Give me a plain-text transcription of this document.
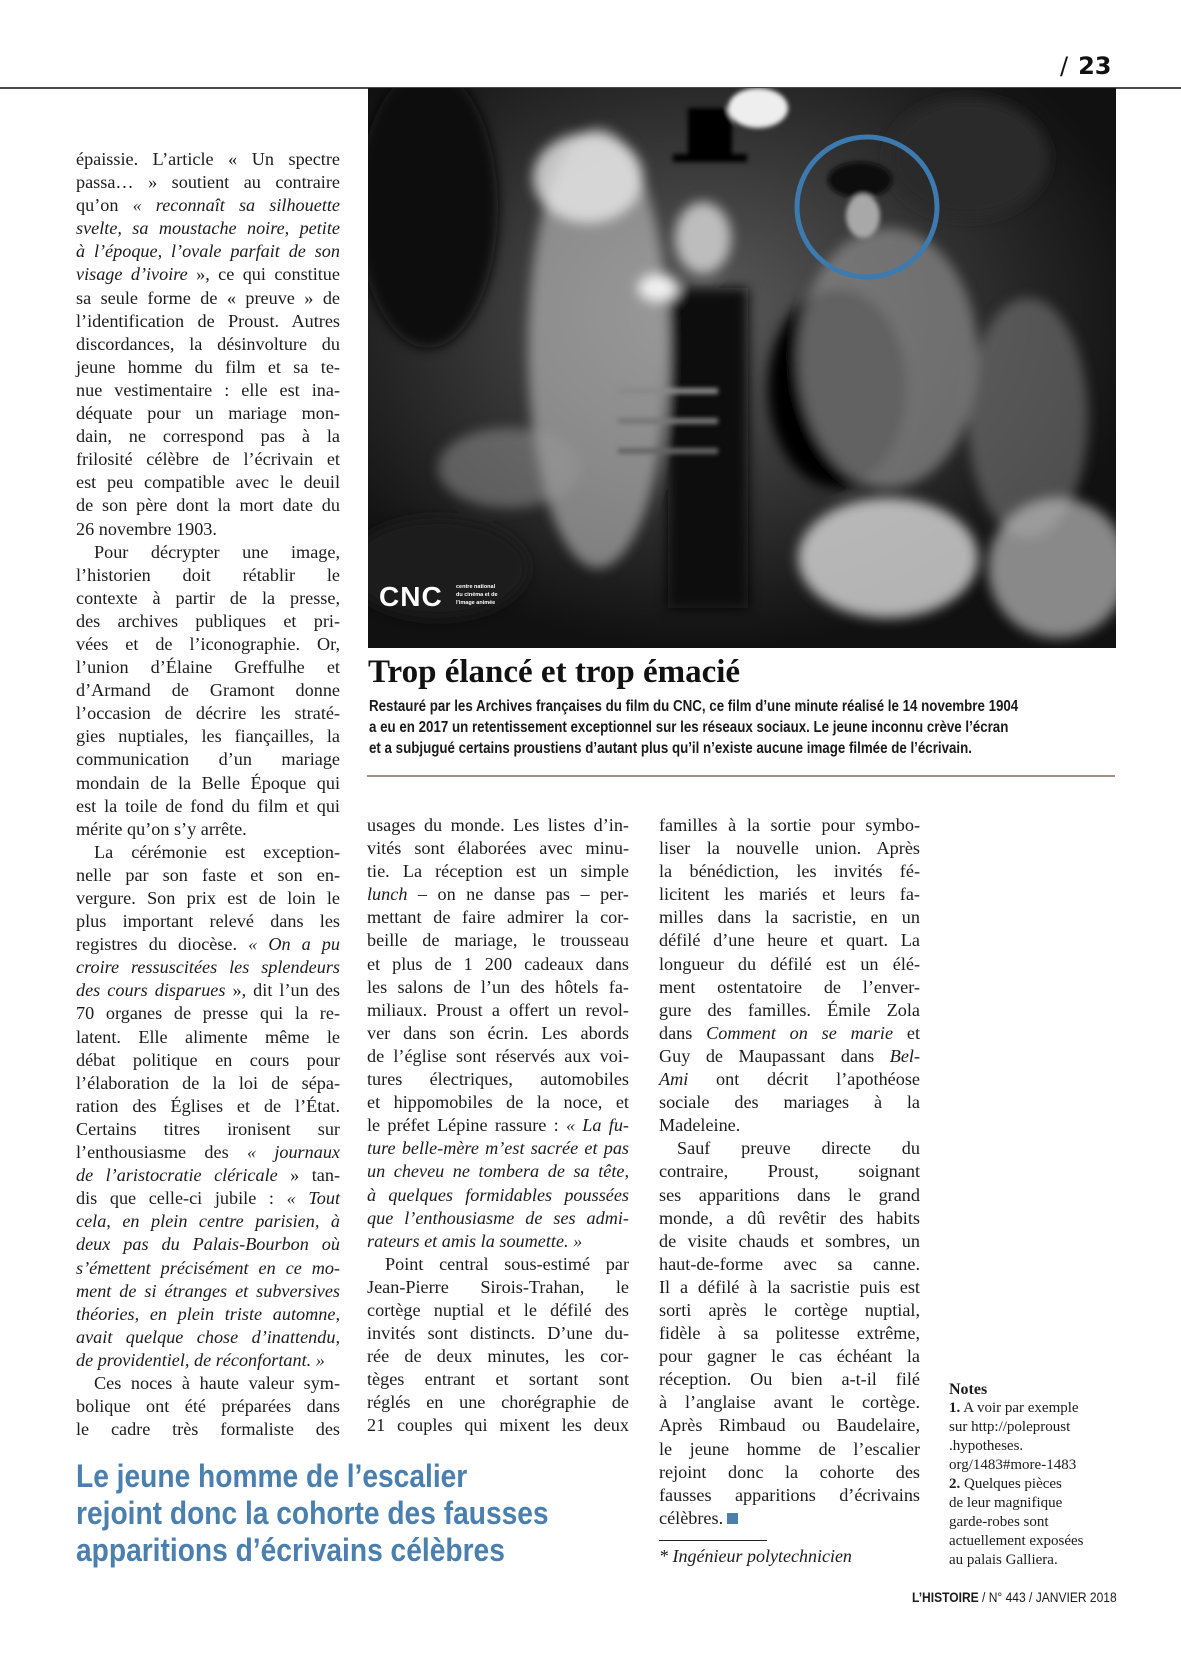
/ 23
CNC centre national
du cinéma et de
l'image animée
Trop élancé et trop émacié
Restauré par les Archives françaises du film du CNC, ce film d’une minute réalisé le 14 novembre 1904
a eu en 2017 un retentissement exceptionnel sur les réseaux sociaux. Le jeune inconnu crève l’écran
et a subjugué certains proustiens d’autant plus qu’il n’existe aucune image filmée de l’écrivain.
épaissie. L’article « Un spectre
passa… » soutient au contraire
qu’on « reconnaît sa silhouette
svelte, sa moustache noire, petite
à l’époque, l’ovale parfait de son
visage d’ivoire », ce qui constitue
sa seule forme de « preuve » de
l’identification de Proust. Autres
discordances, la désinvolture du
jeune homme du film et sa te-
nue vestimentaire : elle est ina-
déquate pour un mariage mon-
dain, ne correspond pas à la
frilosité célèbre de l’écrivain et
est peu compatible avec le deuil
de son père dont la mort date du
26 novembre 1903.
Pour décrypter une image,
l’historien doit rétablir le
contexte à partir de la presse,
des archives publiques et pri-
vées et de l’iconographie. Or,
l’union d’Élaine Greffulhe et
d’Armand de Gramont donne
l’occasion de décrire les straté-
gies nuptiales, les fiançailles, la
communication d’un mariage
mondain de la Belle Époque qui
est la toile de fond du film et qui
mérite qu’on s’y arrête.
La cérémonie est exception-
nelle par son faste et son en-
vergure. Son prix est de loin le
plus important relevé dans les
registres du diocèse. « On a pu
croire ressuscitées les splendeurs
des cours disparues », dit l’un des
70 organes de presse qui la re-
latent. Elle alimente même le
débat politique en cours pour
l’élaboration de la loi de sépa-
ration des Églises et de l’État.
Certains titres ironisent sur
l’enthousiasme des « journaux
de l’aristocratie cléricale » tan-
dis que celle-ci jubile : « Tout
cela, en plein centre parisien, à
deux pas du Palais-Bourbon où
s’émettent précisément en ce mo-
ment de si étranges et subversives
théories, en plein triste automne,
avait quelque chose d’inattendu,
de providentiel, de réconfortant. »
Ces noces à haute valeur sym-
bolique ont été préparées dans
le cadre très formaliste des
usages du monde. Les listes d’in-
vités sont élaborées avec minu-
tie. La réception est un simple
lunch – on ne danse pas – per-
mettant de faire admirer la cor-
beille de mariage, le trousseau
et plus de 1 200 cadeaux dans
les salons de l’un des hôtels fa-
miliaux. Proust a offert un revol-
ver dans son écrin. Les abords
de l’église sont réservés aux voi-
tures électriques, automobiles
et hippomobiles de la noce, et
le préfet Lépine rassure : « La fu-
ture belle-mère m’est sacrée et pas
un cheveu ne tombera de sa tête,
à quelques formidables poussées
que l’enthousiasme de ses admi-
rateurs et amis la soumette. »
Point central sous-estimé par
Jean-Pierre Sirois-Trahan, le
cortège nuptial et le défilé des
invités sont distincts. D’une du-
rée de deux minutes, les cor-
tèges entrant et sortant sont
réglés en une chorégraphie de
21 couples qui mixent les deux
familles à la sortie pour symbo-
liser la nouvelle union. Après
la bénédiction, les invités fé-
licitent les mariés et leurs fa-
milles dans la sacristie, en un
défilé d’une heure et quart. La
longueur du défilé est un élé-
ment ostentatoire de l’enver-
gure des familles. Émile Zola
dans Comment on se marie et
Guy de Maupassant dans Bel-
Ami ont décrit l’apothéose
sociale des mariages à la
Madeleine.
Sauf preuve directe du
contraire, Proust, soignant
ses apparitions dans le grand
monde, a dû revêtir des habits
de visite chauds et sombres, un
haut-de-forme avec sa canne.
Il a défilé à la sacristie puis est
sorti après le cortège nuptial,
fidèle à sa politesse extrême,
pour gagner le cas échéant la
réception. Ou bien a-t-il filé
à l’anglaise avant le cortège.
Après Rimbaud ou Baudelaire,
le jeune homme de l’escalier
rejoint donc la cohorte des
fausses apparitions d’écrivains
célèbres.
Le jeune homme de l’escalier
rejoint donc la cohorte des fausses
apparitions d’écrivains célèbres	* Ingénieur polytechnicien
Notes
1. A voir par exemple
sur http://poleproust
.hypotheses.
org/1483#more-1483
2. Quelques pièces
de leur magnifique
garde-robes sont
actuellement exposées
au palais Galliera.
L’HISTOIRE / N° 443 / JANVIER 2018
